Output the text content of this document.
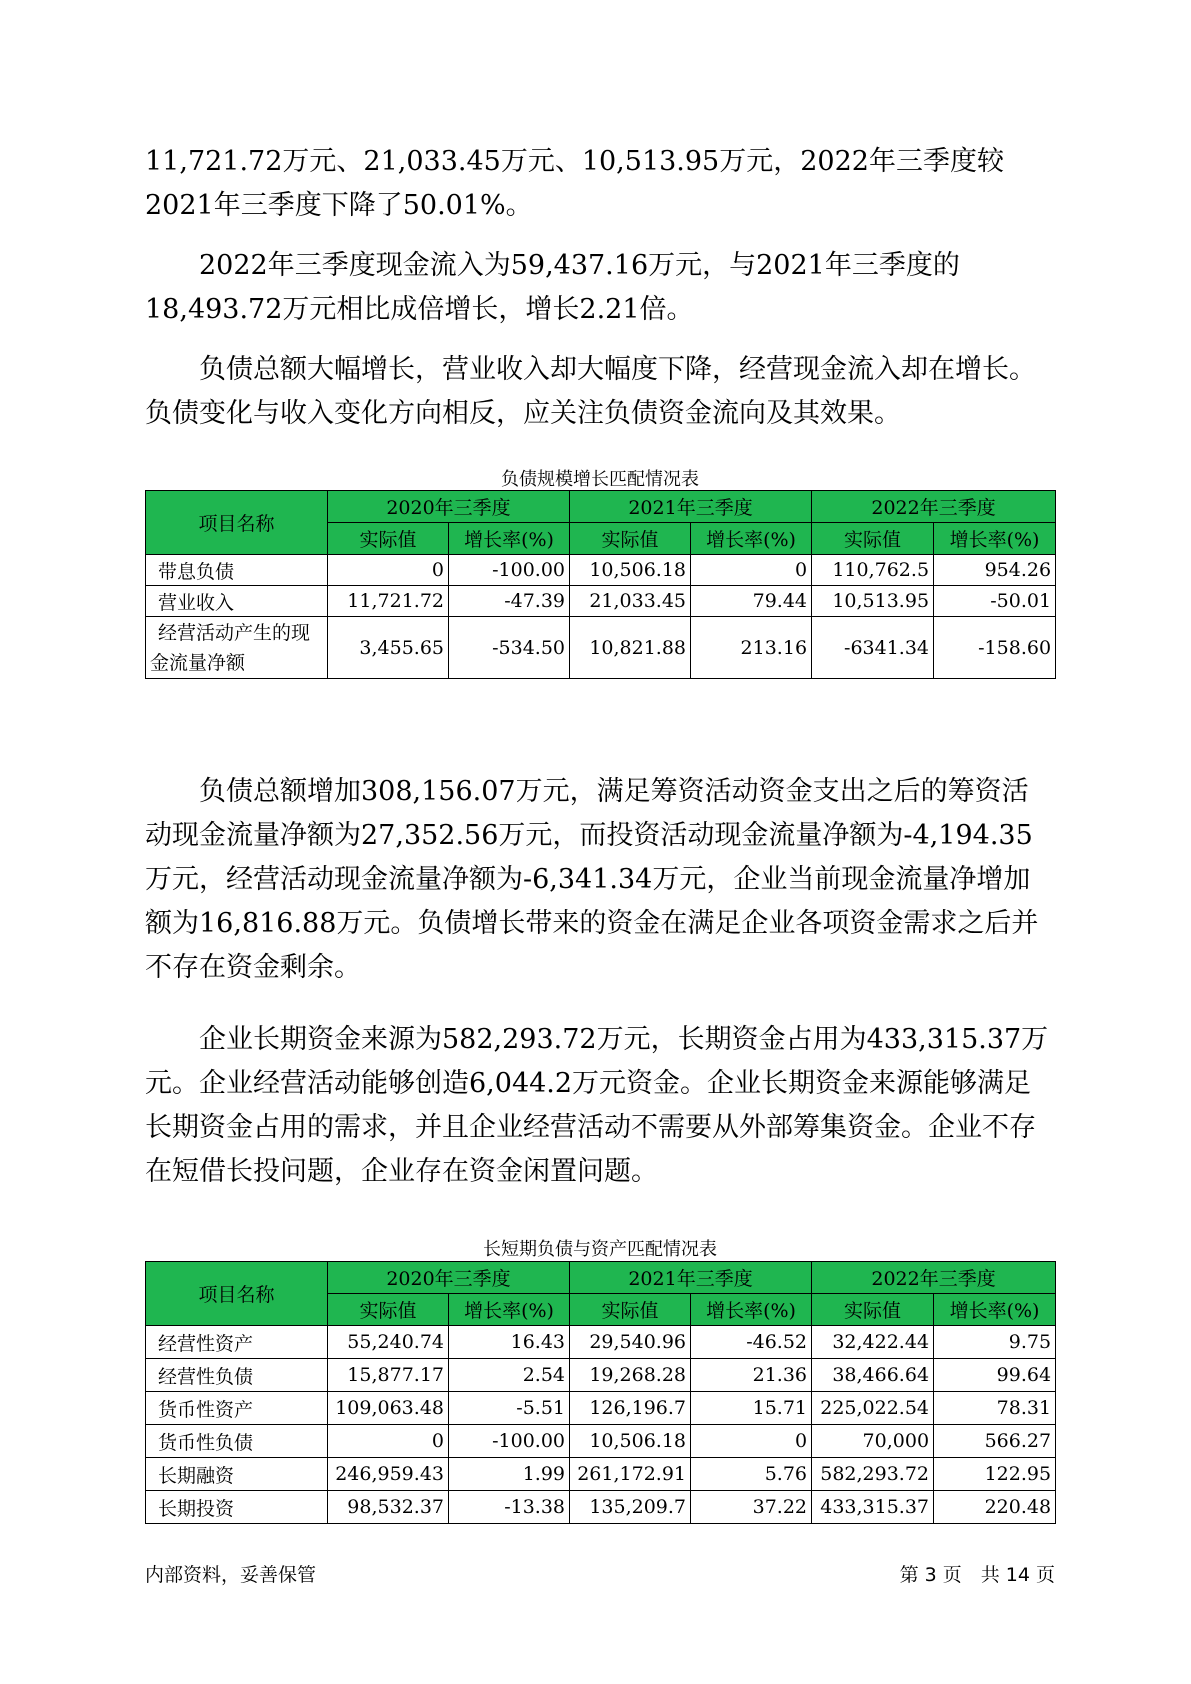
11,721.72万元、21,033.45万元、10,513.95万元，2022年三季度较2021年三季度下降了50.01%。

2022年三季度现金流入为59,437.16万元，与2021年三季度的18,493.72万元相比成倍增长，增长2.21倍。

负债总额大幅增长，营业收入却大幅度下降，经营现金流入却在增长。负债变化与收入变化方向相反，应关注负债资金流向及其效果。

负债规模增长匹配情况表
项目名称	2020年三季度		2021年三季度		2022年三季度	
	实际值	增长率(%)	实际值	增长率(%)	实际值	增长率(%)
带息负债	0	-100.00	10,506.18	0	110,762.5	954.26
营业收入	11,721.72	-47.39	21,033.45	79.44	10,513.95	-50.01
经营活动产生的现金流量净额	3,455.65	-534.50	10,821.88	213.16	-6341.34	-158.60

负债总额增加308,156.07万元，满足筹资活动资金支出之后的筹资活动现金流量净额为27,352.56万元，而投资活动现金流量净额为-4,194.35万元，经营活动现金流量净额为-6,341.34万元，企业当前现金流量净增加额为16,816.88万元。负债增长带来的资金在满足企业各项资金需求之后并不存在资金剩余。

企业长期资金来源为582,293.72万元，长期资金占用为433,315.37万元。企业经营活动能够创造6,044.2万元资金。企业长期资金来源能够满足长期资金占用的需求，并且企业经营活动不需要从外部筹集资金。企业不存在短借长投问题，企业存在资金闲置问题。

长短期负债与资产匹配情况表
项目名称	2020年三季度		2021年三季度		2022年三季度	
	实际值	增长率(%)	实际值	增长率(%)	实际值	增长率(%)
经营性资产	55,240.74	16.43	29,540.96	-46.52	32,422.44	9.75
经营性负债	15,877.17	2.54	19,268.28	21.36	38,466.64	99.64
货币性资产	109,063.48	-5.51	126,196.7	15.71	225,022.54	78.31
货币性负债	0	-100.00	10,506.18	0	70,000	566.27
长期融资	246,959.43	1.99	261,172.91	5.76	582,293.72	122.95
长期投资	98,532.37	-13.38	135,209.7	37.22	433,315.37	220.48
内部资料，妥善保管	第 3 页　共 14 页
